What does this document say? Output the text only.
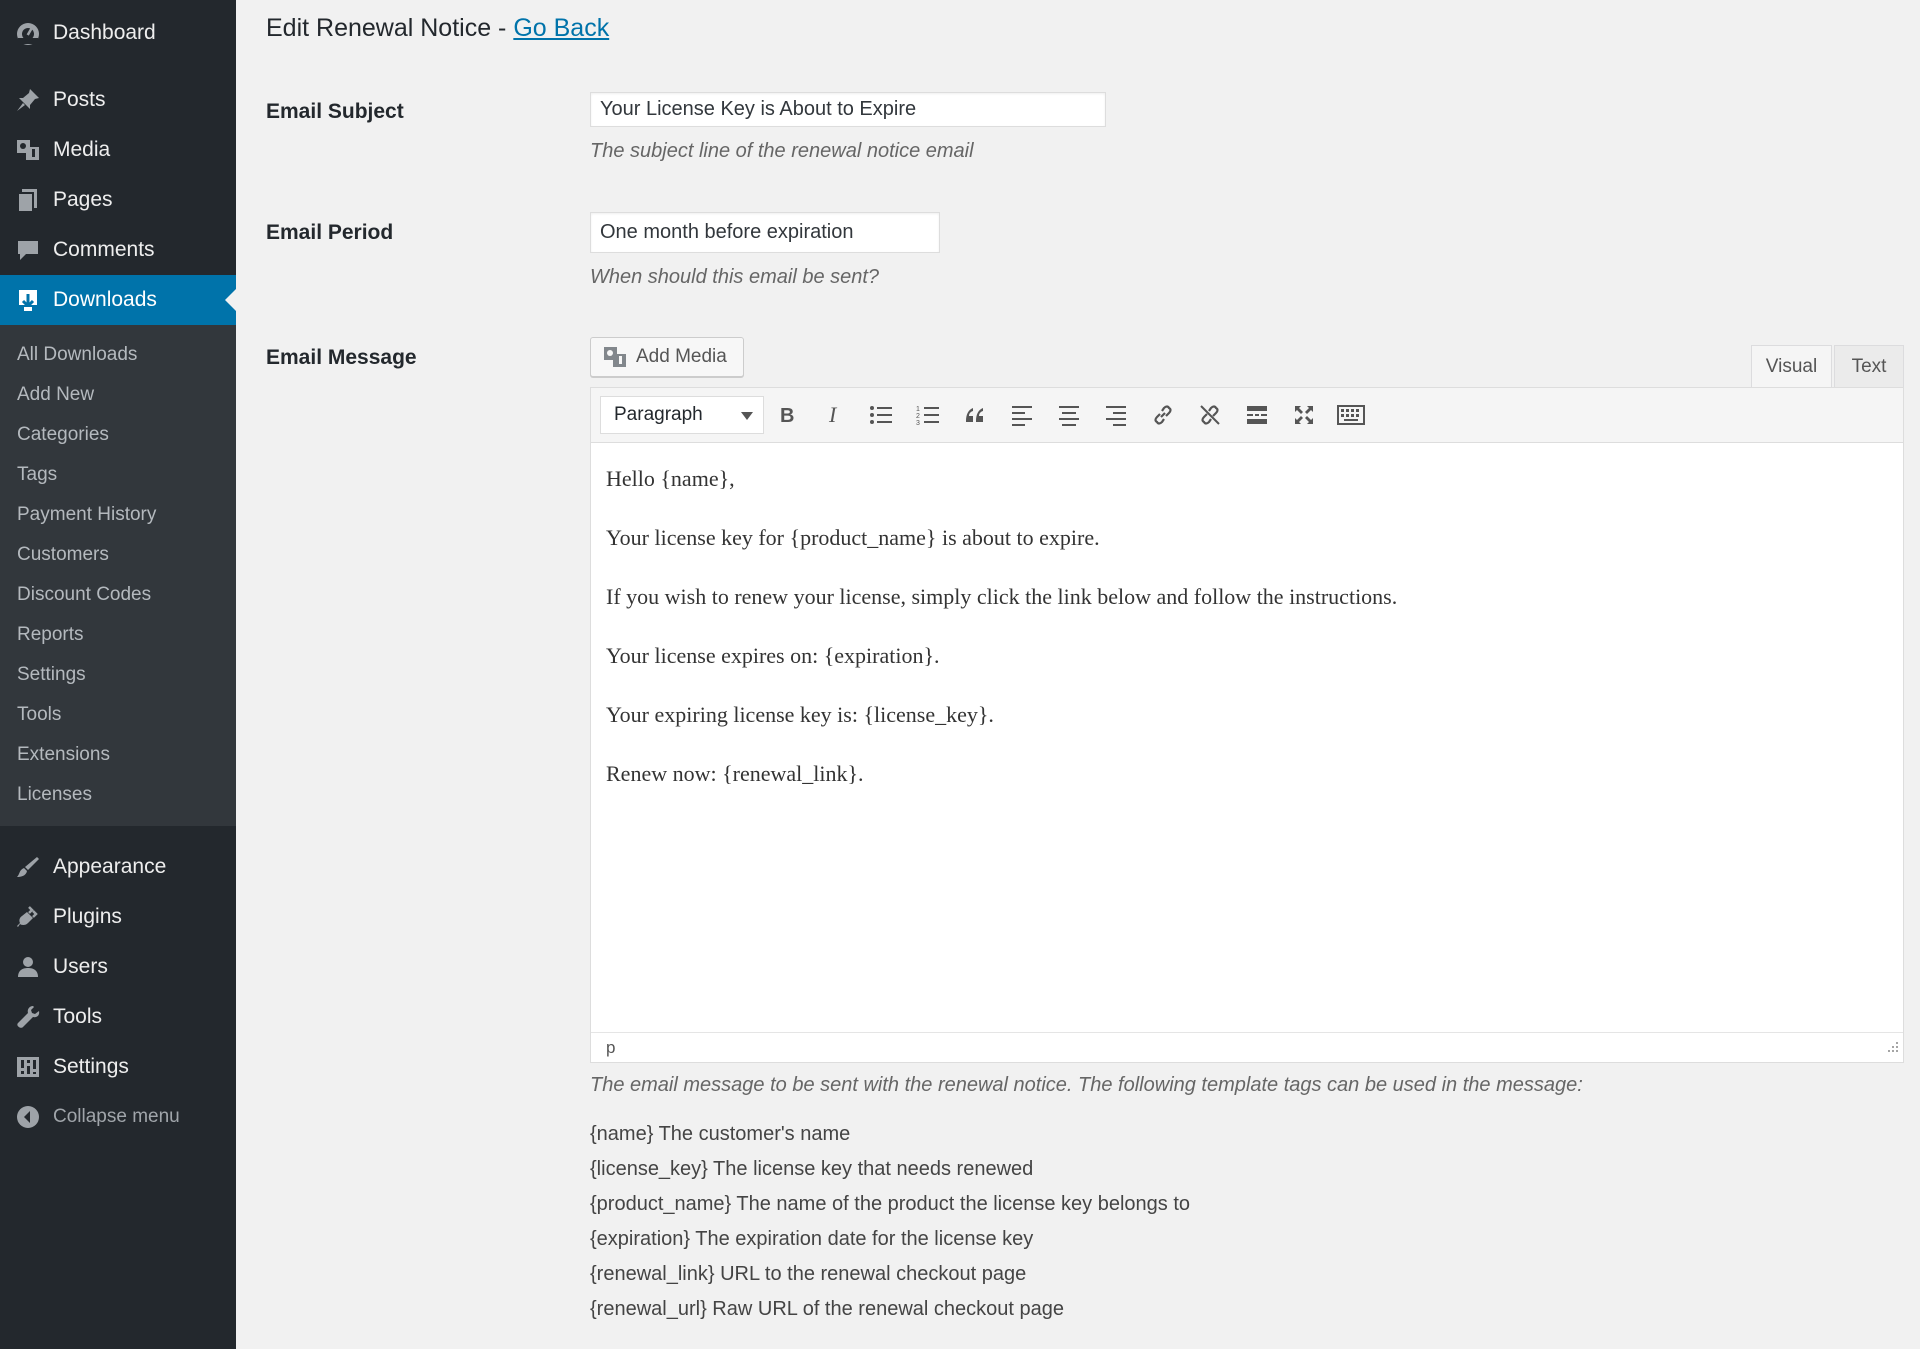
Dashboard
Posts
Media
Pages
Comments
Downloads
All Downloads
Add New
Categories
Tags
Payment History
Customers
Discount Codes
Reports
Settings
Tools
Extensions
Licenses
Appearance
Plugins
Users
Tools
Settings
Collapse menu
Edit Renewal Notice - Go Back
Email Subject	Your License Key is About to Expire
The subject line of the renewal notice email
Email Period	One month before expiration
When should this email be sent?
Email Message	Add Media	Visual	Text
Paragraph	B I	1
2
3

Hello {name},

Your license key for {product_name} is about to expire.

If you wish to renew your license, simply click the link below and follow the instructions.

Your license expires on: {expiration}.

Your expiring license key is: {license_key}.

Renew now: {renewal_link}.

p
The email message to be sent with the renewal notice. The following template tags can be used in the message:
{name} The customer's name
{license_key} The license key that needs renewed
{product_name} The name of the product the license key belongs to
{expiration} The expiration date for the license key
{renewal_link} URL to the renewal checkout page
{renewal_url} Raw URL of the renewal checkout page
